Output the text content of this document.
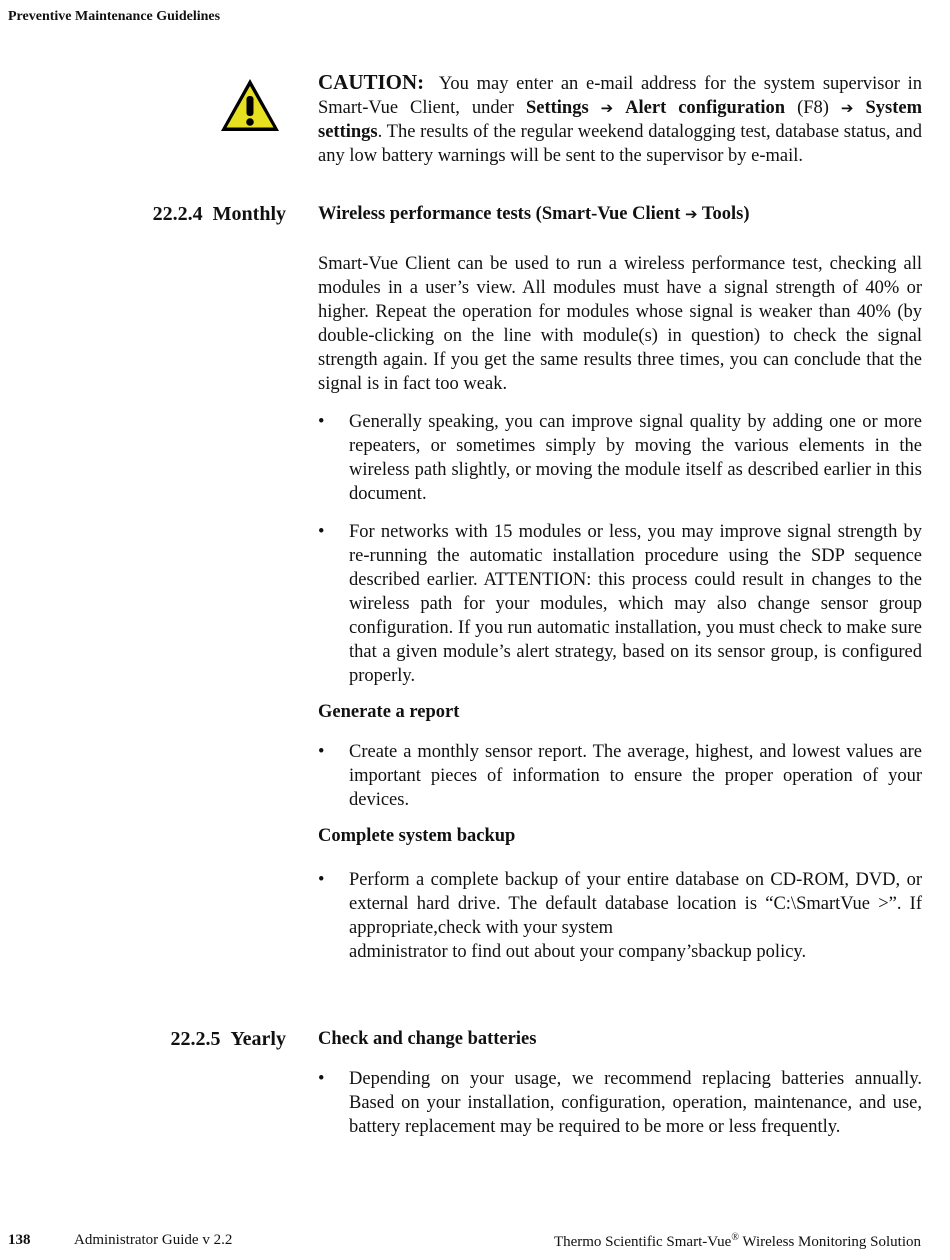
Preventive Maintenance Guidelines

CAUTION: You may enter an e-mail address for the system supervisor in Smart-Vue Client, under Settings ➔ Alert configuration (F8) ➔ System settings. The results of the regular weekend datalogging test, database status, and any low battery warnings will be sent to the supervisor by e-mail.

22.2.4 Monthly Wireless performance tests (Smart-Vue Client ➔ Tools)

Smart-Vue Client can be used to run a wireless performance test, checking all modules in a user’s view. All modules must have a signal strength of 40% or higher. Repeat the operation for modules whose signal is weaker than 40% (by double-clicking on the line with module(s) in question) to check the signal strength again. If you get the same results three times, you can conclude that the signal is in fact too weak.

• Generally speaking, you can improve signal quality by adding one or more repeaters, or sometimes simply by moving the various elements in the wireless path slightly, or moving the module itself as described earlier in this document.
• For networks with 15 modules or less, you may improve signal strength by re-running the automatic installation procedure using the SDP sequence described earlier. ATTENTION: this process could result in changes to the wireless path for your modules, which may also change sensor group configuration. If you run automatic installation, you must check to make sure that a given module’s alert strategy, based on its sensor group, is configured properly.
Generate a report
• Create a monthly sensor report. The average, highest, and lowest values are important pieces of information to ensure the proper operation of your devices.
Complete system backup
• Perform a complete backup of your entire database on CD-ROM, DVD, or external hard drive. The default database location is “C:\SmartVue >”. If appropriate,check with your system
administrator to find out about your company’sbackup policy.
22.2.5 Yearly Check and change batteries
• Depending on your usage, we recommend replacing batteries annually. Based on your installation, configuration, operation, maintenance, and use, battery replacement may be required to be more or less frequently.
138	Administrator Guide v 2.2	Thermo Scientific Smart-Vue® Wireless Monitoring Solution
